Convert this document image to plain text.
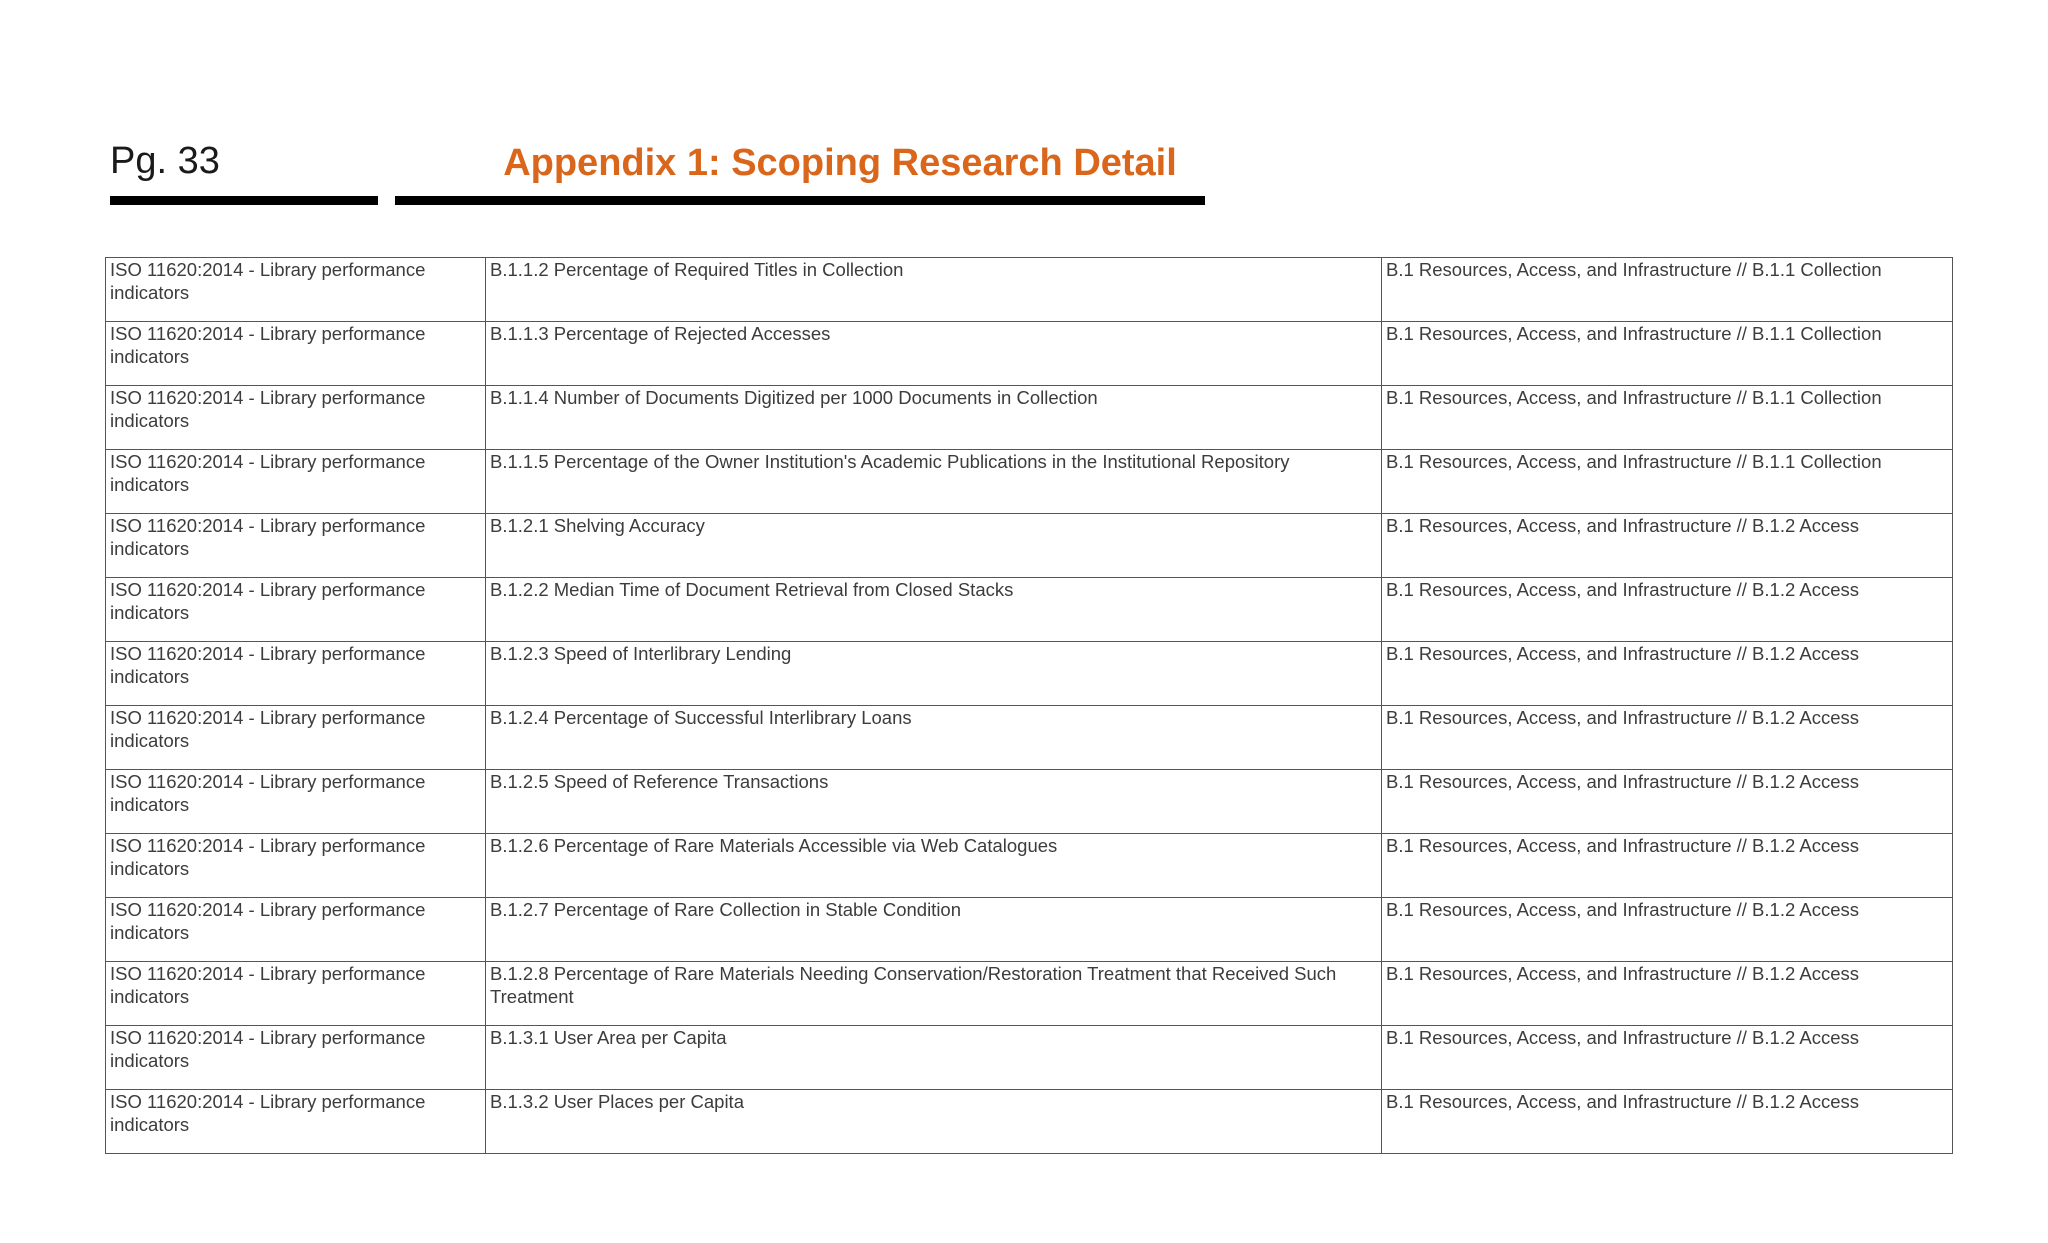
Pg. 33	Appendix 1: Scoping Research Detail
ISO 11620:2014 - Library performance indicators	B.1.1.2 Percentage of Required Titles in Collection	B.1 Resources, Access, and Infrastructure // B.1.1 Collection
ISO 11620:2014 - Library performance indicators	B.1.1.3 Percentage of Rejected Accesses	B.1 Resources, Access, and Infrastructure // B.1.1 Collection
ISO 11620:2014 - Library performance indicators	B.1.1.4 Number of Documents Digitized per 1000 Documents in Collection	B.1 Resources, Access, and Infrastructure // B.1.1 Collection
ISO 11620:2014 - Library performance indicators	B.1.1.5 Percentage of the Owner Institution's Academic Publications in the Institutional Repository	B.1 Resources, Access, and Infrastructure // B.1.1 Collection
ISO 11620:2014 - Library performance indicators	B.1.2.1 Shelving Accuracy	B.1 Resources, Access, and Infrastructure // B.1.2 Access
ISO 11620:2014 - Library performance indicators	B.1.2.2 Median Time of Document Retrieval from Closed Stacks	B.1 Resources, Access, and Infrastructure // B.1.2 Access
ISO 11620:2014 - Library performance indicators	B.1.2.3 Speed of Interlibrary Lending	B.1 Resources, Access, and Infrastructure // B.1.2 Access
ISO 11620:2014 - Library performance indicators	B.1.2.4 Percentage of Successful Interlibrary Loans	B.1 Resources, Access, and Infrastructure // B.1.2 Access
ISO 11620:2014 - Library performance indicators	B.1.2.5 Speed of Reference Transactions	B.1 Resources, Access, and Infrastructure // B.1.2 Access
ISO 11620:2014 - Library performance indicators	B.1.2.6 Percentage of Rare Materials Accessible via Web Catalogues	B.1 Resources, Access, and Infrastructure // B.1.2 Access
ISO 11620:2014 - Library performance indicators	B.1.2.7 Percentage of Rare Collection in Stable Condition	B.1 Resources, Access, and Infrastructure // B.1.2 Access
ISO 11620:2014 - Library performance indicators	B.1.2.8 Percentage of Rare Materials Needing Conservation/Restoration Treatment that Received Such Treatment	B.1 Resources, Access, and Infrastructure // B.1.2 Access
ISO 11620:2014 - Library performance indicators	B.1.3.1 User Area per Capita	B.1 Resources, Access, and Infrastructure // B.1.2 Access
ISO 11620:2014 - Library performance indicators	B.1.3.2 User Places per Capita	B.1 Resources, Access, and Infrastructure // B.1.2 Access
